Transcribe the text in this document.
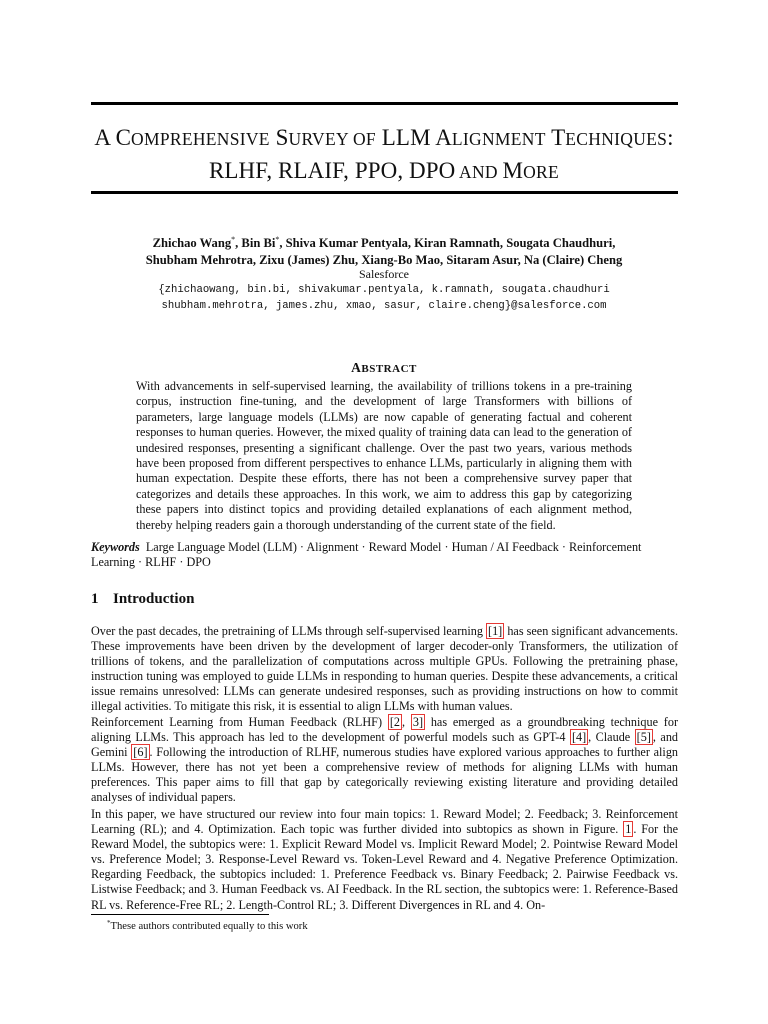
A COMPREHENSIVE SURVEY OF LLM ALIGNMENT TECHNIQUES:
RLHF, RLAIF, PPO, DPO AND MORE
Zhichao Wang*, Bin Bi*, Shiva Kumar Pentyala, Kiran Ramnath, Sougata Chaudhuri,
Shubham Mehrotra, Zixu (James) Zhu, Xiang-Bo Mao, Sitaram Asur, Na (Claire) Cheng
Salesforce
{zhichaowang, bin.bi, shivakumar.pentyala, k.ramnath, sougata.chaudhuri
shubham.mehrotra, james.zhu, xmao, sasur, claire.cheng}@salesforce.com
ABSTRACT
With advancements in self-supervised learning, the availability of trillions tokens in a pre-training corpus, instruction fine-tuning, and the development of large Transformers with billions of parameters, large language models (LLMs) are now capable of generating factual and coherent responses to human queries. However, the mixed quality of training data can lead to the generation of undesired responses, presenting a significant challenge. Over the past two years, various methods have been proposed from different perspectives to enhance LLMs, particularly in aligning them with human expectation. Despite these efforts, there has not been a comprehensive survey paper that categorizes and details these approaches. In this work, we aim to address this gap by categorizing these papers into distinct topics and providing detailed explanations of each alignment method, thereby helping readers gain a thorough understanding of the current state of the field.
Keywords Large Language Model (LLM) · Alignment · Reward Model · Human / AI Feedback · Reinforcement Learning · RLHF · DPO
1 Introduction
Over the past decades, the pretraining of LLMs through self-supervised learning [1] has seen significant advancements. These improvements have been driven by the development of larger decoder-only Transformers, the utilization of trillions of tokens, and the parallelization of computations across multiple GPUs. Following the pretraining phase, instruction tuning was employed to guide LLMs in responding to human queries. Despite these advancements, a critical issue remains unresolved: LLMs can generate undesired responses, such as providing instructions on how to commit illegal activities. To mitigate this risk, it is essential to align LLMs with human values.
Reinforcement Learning from Human Feedback (RLHF) [2 , 3] has emerged as a groundbreaking technique for aligning LLMs. This approach has led to the development of powerful models such as GPT-4 [4] , Claude [5] , and Gemini [6] . Following the introduction of RLHF, numerous studies have explored various approaches to further align LLMs. However, there has not yet been a comprehensive review of methods for aligning LLMs with human preferences. This paper aims to fill that gap by categorically reviewing existing literature and providing detailed analyses of individual papers.
In this paper, we have structured our review into four main topics: 1. Reward Model; 2. Feedback; 3. Reinforcement Learning (RL); and 4. Optimization. Each topic was further divided into subtopics as shown in Figure. 1 . For the Reward Model, the subtopics were: 1. Explicit Reward Model vs. Implicit Reward Model; 2. Pointwise Reward Model vs. Preference Model; 3. Response-Level Reward vs. Token-Level Reward and 4. Negative Preference Optimization. Regarding Feedback, the subtopics included: 1. Preference Feedback vs. Binary Feedback; 2. Pairwise Feedback vs. Listwise Feedback; and 3. Human Feedback vs. AI Feedback. In the RL section, the subtopics were: 1. Reference-Based RL vs. Reference-Free RL; 2. Length-Control RL; 3. Different Divergences in RL and 4. On-
*These authors contributed equally to this work
